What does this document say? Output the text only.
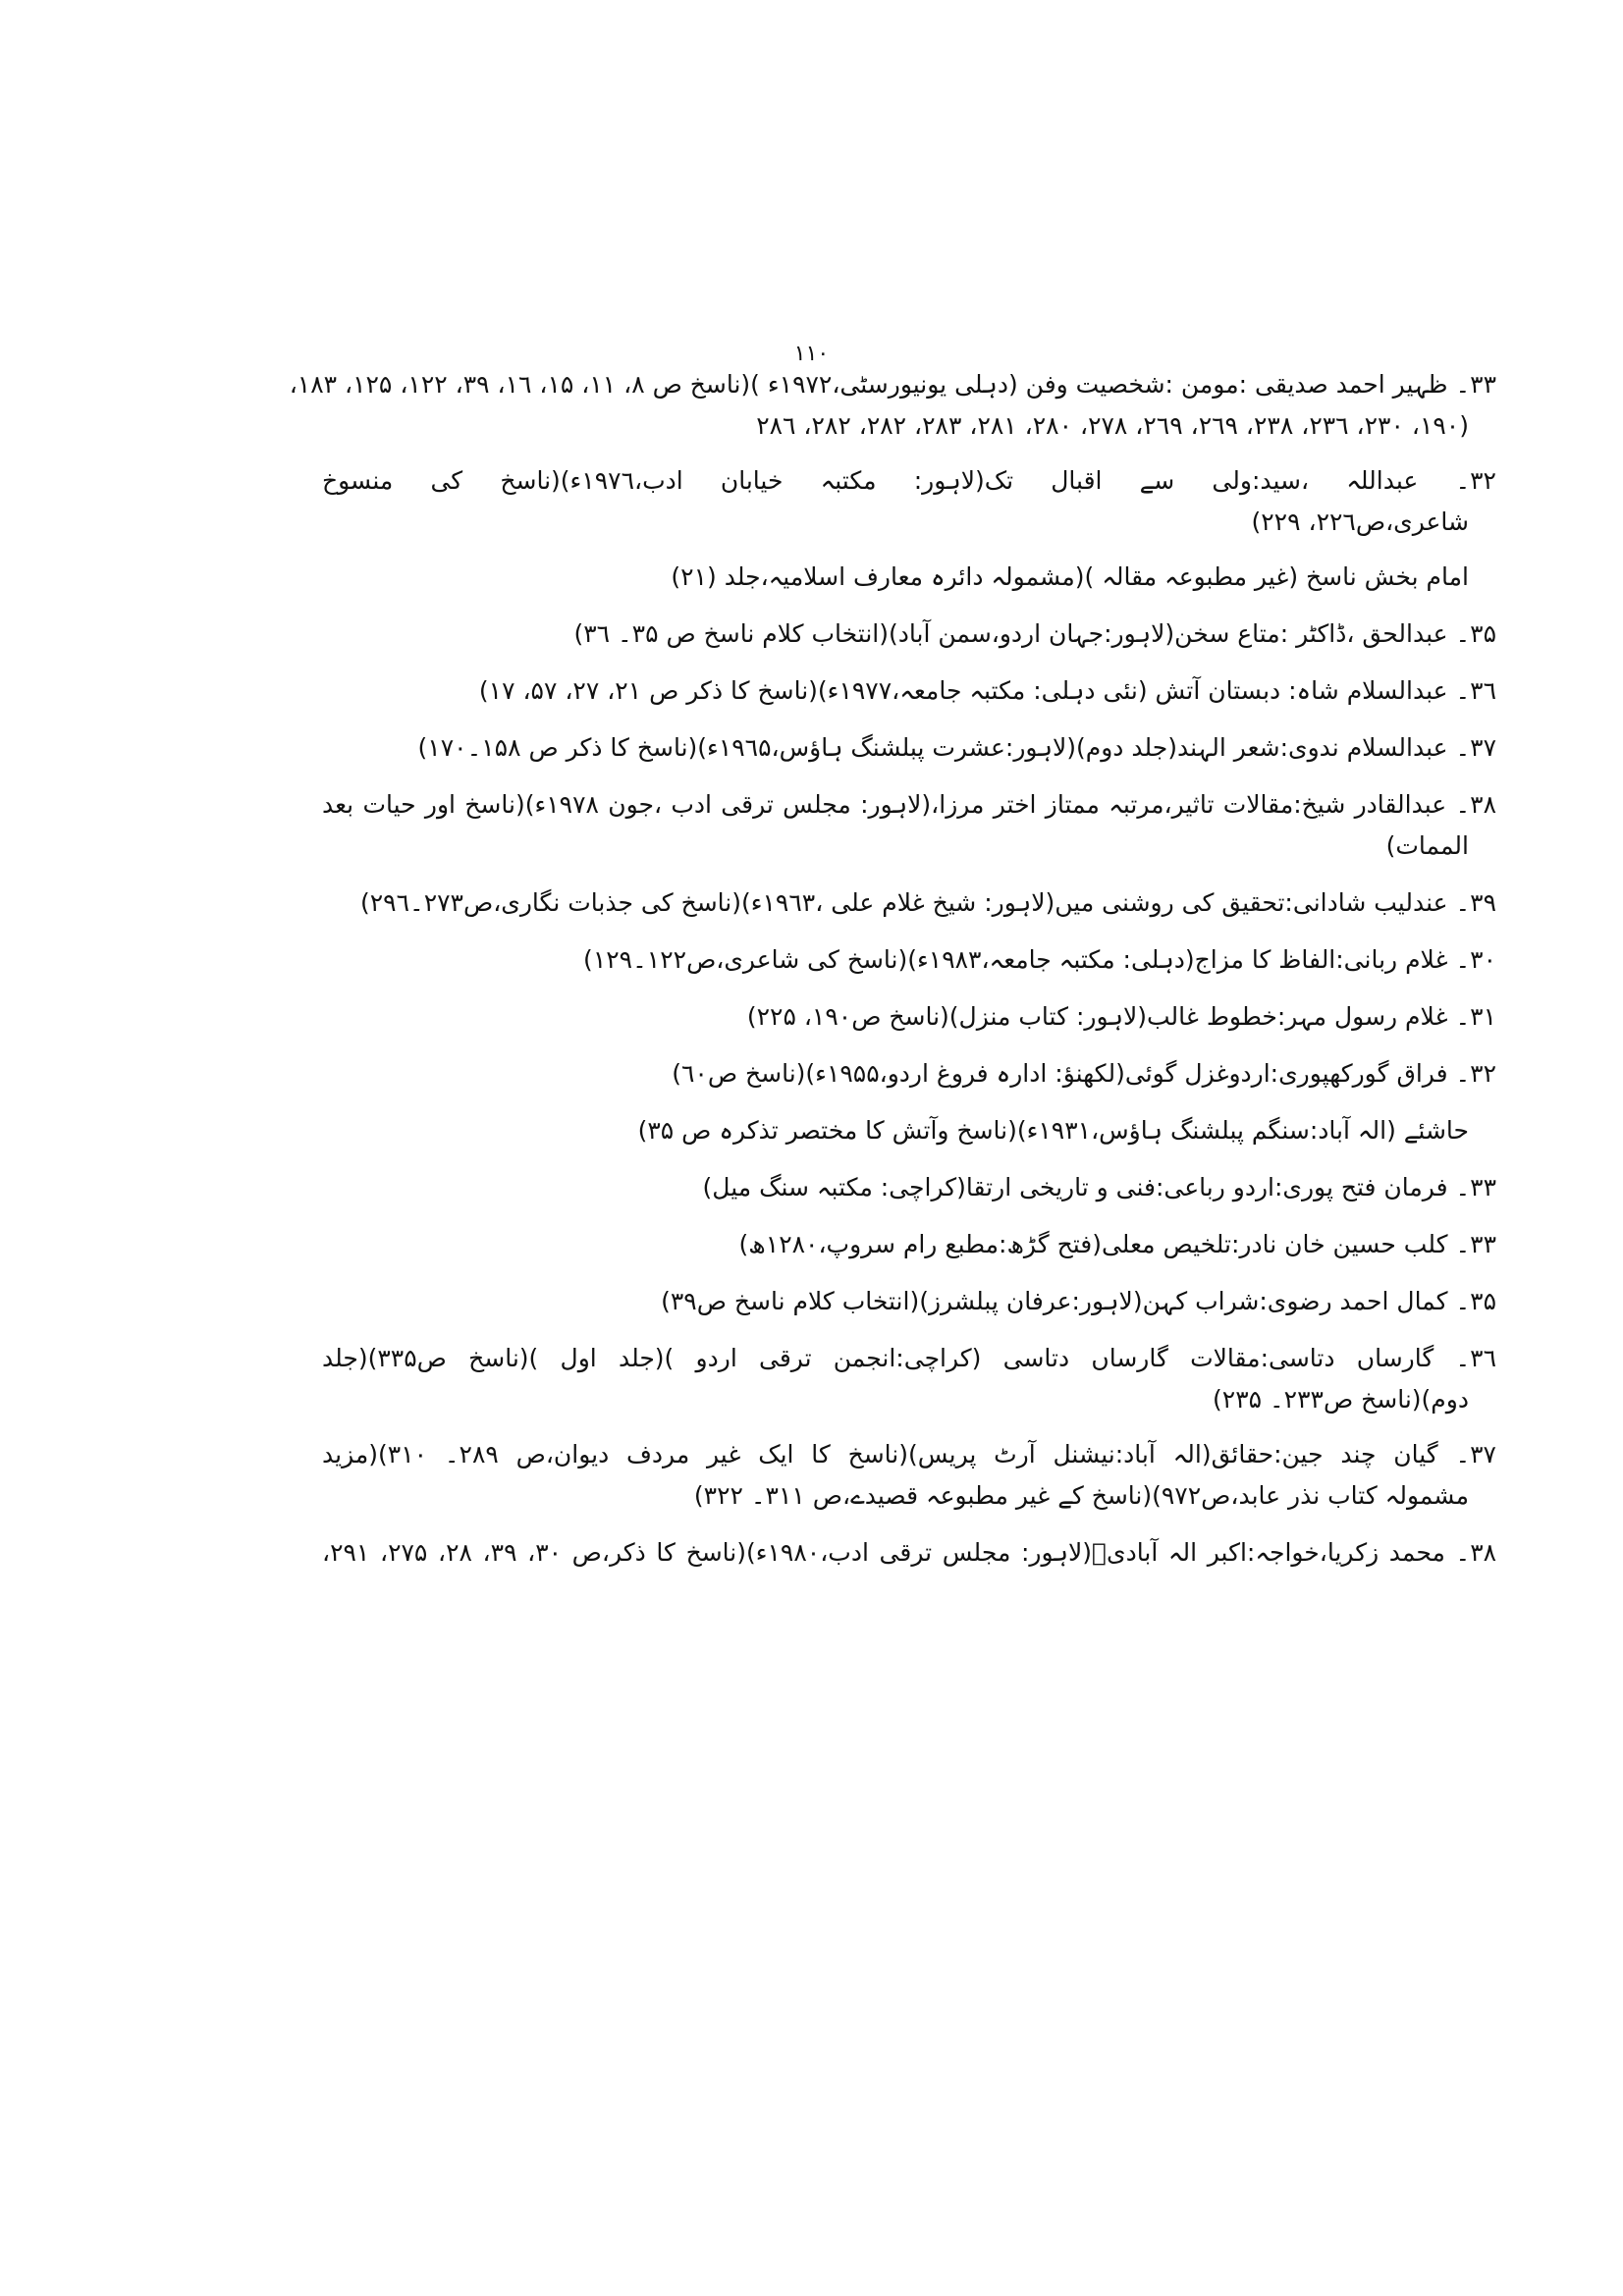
١١٠
٣٣۔ ظہیر احمد صدیقی :مومن :شخصیت وفن (دہلی یونیورسٹی،١٩٧٢ء )(ناسخ ص ٨، ١١، ١۵، ١٦، ٣٩، ١٢٢، ١٢۵، ١٨٣،
١٩٠، ٢٣٠، ٢٣٦، ٢٣٨، ٢٦٩، ٢٦٩، ٢٧٨، ٢٨٠، ٢٨١، ٢٨٣، ٢٨٢، ٢٨٢، ٢٨٦)
٣٢۔ عبداللہ ،سید:ولی سے اقبال تک(لاہور: مکتبہ خیابان ادب،١٩٧٦ء)(ناسخ کی منسوخ
شاعری،ص٢٢٦، ٢٢٩)
امام بخش ناسخ (غیر مطبوعہ مقالہ )(مشمولہ دائرہ معارف اسلامیہ،جلد (٢١)
٣۵۔ عبدالحق ،ڈاکٹر :متاع سخن(لاہور:جہان اردو،سمن آباد)(انتخاب کلام ناسخ ص ٣۵۔ ٣٦)
٣٦۔ عبدالسلام شاہ: دبستان آتش (نئی دہلی: مکتبہ جامعہ،١٩٧٧ء)(ناسخ کا ذکر ص ٢١، ٢٧، ۵٧، ١٧)
٣٧۔ عبدالسلام ندوی:شعر الہند(جلد دوم)(لاہور:عشرت پبلشنگ ہاؤس،١٩٦۵ء)(ناسخ کا ذکر ص ١۵٨۔١٧٠)
٣٨۔ عبدالقادر شیخ:مقالات تاثیر،مرتبہ ممتاز اختر مرزا،(لاہور: مجلس ترقی ادب ،جون ١٩٧٨ء)(ناسخ اور حیات بعد
الممات)
٣٩۔ عندلیب شادانی:تحقیق کی روشنی میں(لاہور: شیخ غلام علی ،١٩٦٣ء)(ناسخ کی جذبات نگاری،ص٢٧٣۔٢٩٦)
٣٠۔ غلام ربانی:الفاظ کا مزاج(دہلی: مکتبہ جامعہ،١٩٨٣ء)(ناسخ کی شاعری،ص١٢٢۔١٢٩)
٣١۔ غلام رسول مہر:خطوط غالب(لاہور: کتاب منزل)(ناسخ ص١٩٠، ٢٢۵)
٣٢۔ فراق گورکھپوری:اردوغزل گوئی(لکھنؤ: ادارہ فروغ اردو،١٩۵۵ء)(ناسخ ص٦٠)
حاشئے (الہ آباد:سنگم پبلشنگ ہاؤس،١٩٣١ء)(ناسخ وآتش کا مختصر تذکرہ ص ٣۵)
٣٣۔ فرمان فتح پوری:اردو رباعی:فنی و تاریخی ارتقا(کراچی: مکتبہ سنگ میل)
٣٣۔ کلب حسین خان نادر:تلخیص معلی(فتح گڑھ:مطبع رام سروپ،١٢٨٠ھ)
٣۵۔ کمال احمد رضوی:شراب کہن(لاہور:عرفان پبلشرز)(انتخاب کلام ناسخ ص٣٩)
٣٦۔ گارساں دتاسی:مقالات گارساں دتاسی (کراچی:انجمن ترقی اردو )(جلد اول )(ناسخ ص٣٣۵)(جلد
دوم)(ناسخ ص٢٣٣۔ ٢٣۵)
٣٧۔ گیان چند جین:حقائق(الہ آباد:نیشنل آرٹ پریس)(ناسخ کا ایک غیر مردف دیوان،ص ٢٨٩۔ ٣١٠)(مزید
مشمولہ کتاب نذر عابد،ص٩٧٢)(ناسخ کے غیر مطبوعہ قصیدے،ص ٣١١۔ ٣٢٢)
٣٨۔ محمد زکریا،خواجہ:اکبر الہ آبادیؒ(لاہور: مجلس ترقی ادب،١٩٨٠ء)(ناسخ کا ذکر،ص ٣٠، ٣٩، ٢٨، ٢٧۵، ٢٩١،
